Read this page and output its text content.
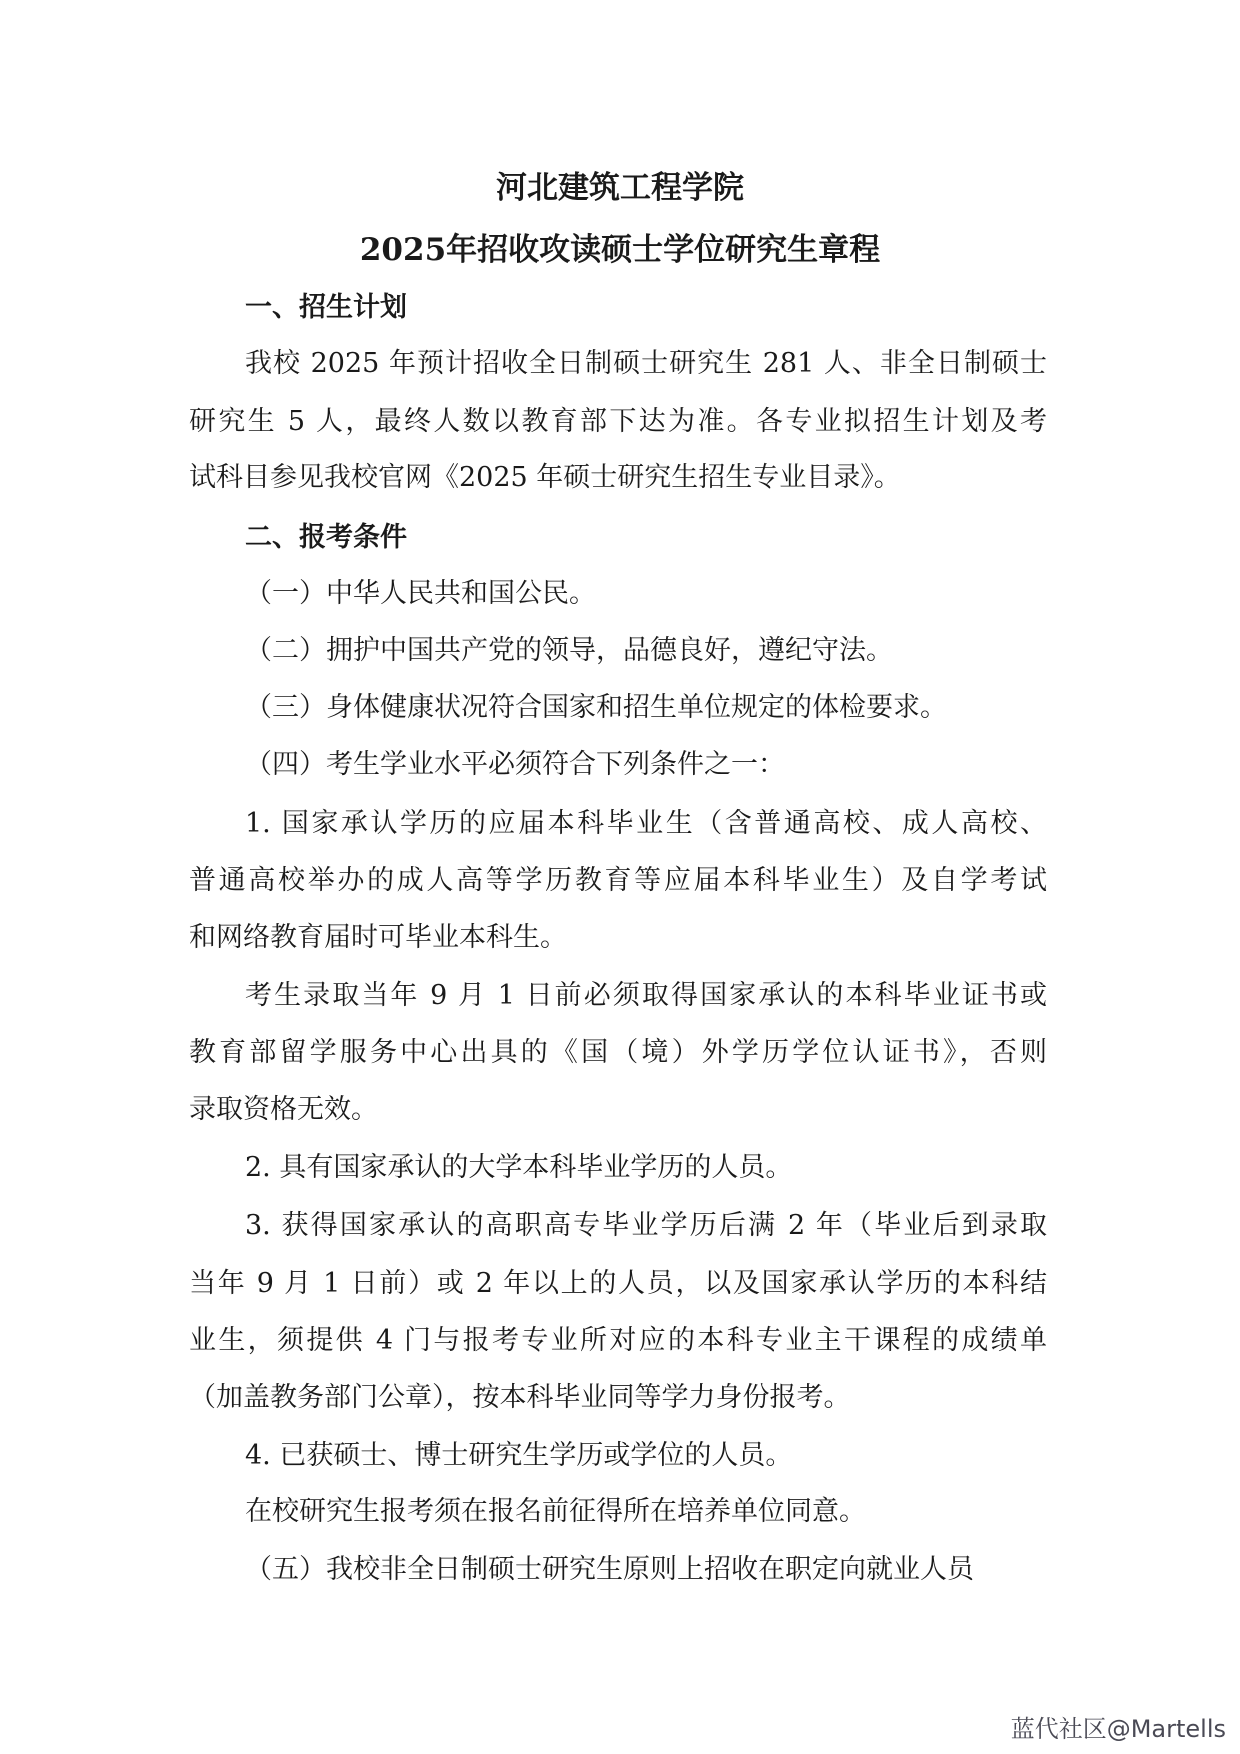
河北建筑工程学院
2025年招收攻读硕士学位研究生章程
一、招生计划
我校 2025 年预计招收全日制硕士研究生 281 人、非全日制硕士
研究生 5 人，最终人数以教育部下达为准。各专业拟招生计划及考
试科目参见我校官网《2025 年硕士研究生招生专业目录》。
二、报考条件
（一）中华人民共和国公民。
（二）拥护中国共产党的领导，品德良好，遵纪守法。
（三）身体健康状况符合国家和招生单位规定的体检要求。
（四）考生学业水平必须符合下列条件之一：
1. 国家承认学历的应届本科毕业生（含普通高校、成人高校、
普通高校举办的成人高等学历教育等应届本科毕业生）及自学考试
和网络教育届时可毕业本科生。
考生录取当年 9 月 1 日前必须取得国家承认的本科毕业证书或
教育部留学服务中心出具的《国（境）外学历学位认证书》，否则
录取资格无效。
2. 具有国家承认的大学本科毕业学历的人员。
3. 获得国家承认的高职高专毕业学历后满 2 年（毕业后到录取
当年 9 月 1 日前）或 2 年以上的人员，以及国家承认学历的本科结
业生，须提供 4 门与报考专业所对应的本科专业主干课程的成绩单
（加盖教务部门公章），按本科毕业同等学力身份报考。
4. 已获硕士、博士研究生学历或学位的人员。
在校研究生报考须在报名前征得所在培养单位同意。
（五）我校非全日制硕士研究生原则上招收在职定向就业人员
蓝代社区@Martells
